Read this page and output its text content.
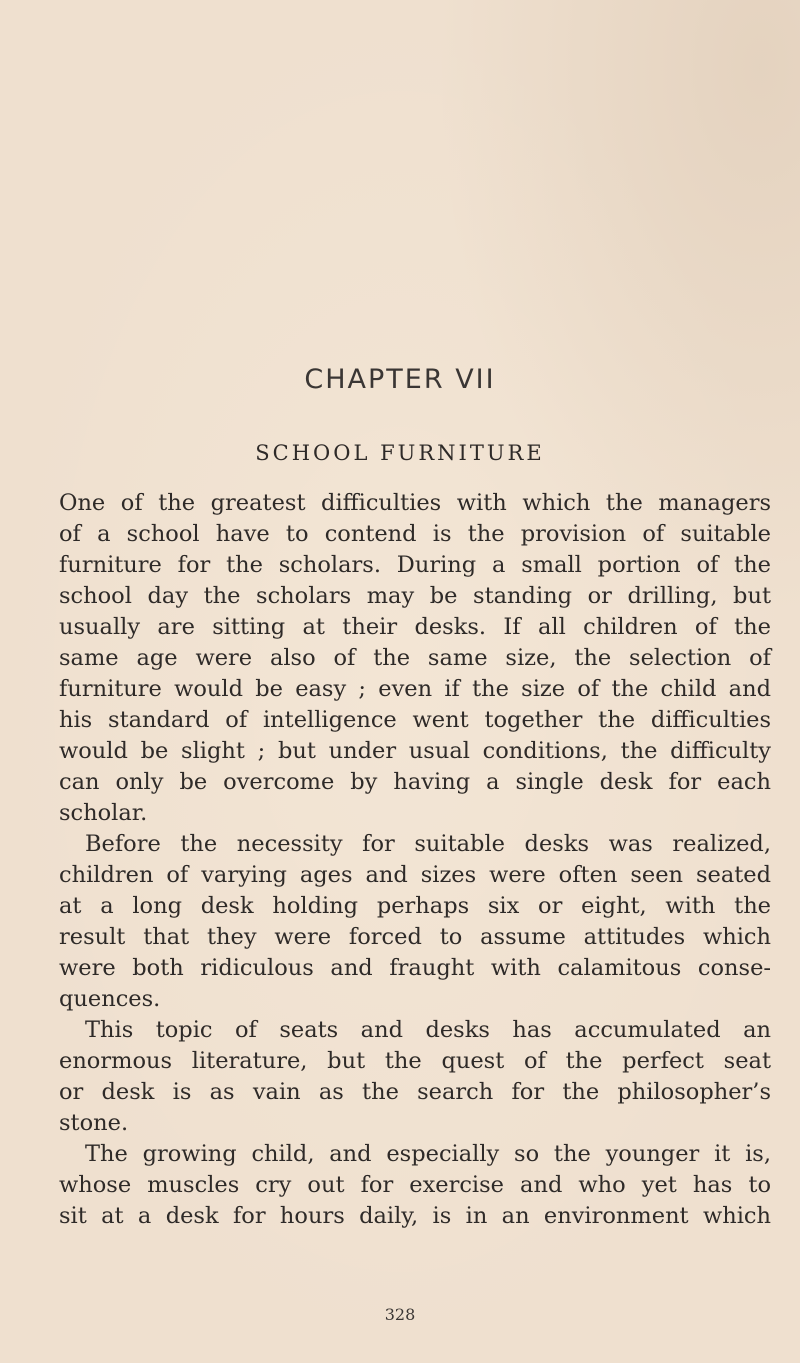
CHAPTER VII
SCHOOL FURNITURE
One of the greatest difficulties with which the managers
of a school have to contend is the provision of suitable
furniture for the scholars. During a small portion of the
school day the scholars may be standing or drilling, but
usually are sitting at their desks. If all children of the
same age were also of the same size, the selection of
furniture would be easy ; even if the size of the child and
his standard of intelligence went together the difficulties
would be slight ; but under usual conditions, the difficulty
can only be overcome by having a single desk for each
scholar.
Before the necessity for suitable desks was realized,
children of varying ages and sizes were often seen seated
at a long desk holding perhaps six or eight, with the
result that they were forced to assume attitudes which
were both ridiculous and fraught with calamitous conse-
quences.
This topic of seats and desks has accumulated an
enormous literature, but the quest of the perfect seat
or desk is as vain as the search for the philosopher’s
stone.
The growing child, and especially so the younger it is,
whose muscles cry out for exercise and who yet has to
sit at a desk for hours daily, is in an environment which

328
